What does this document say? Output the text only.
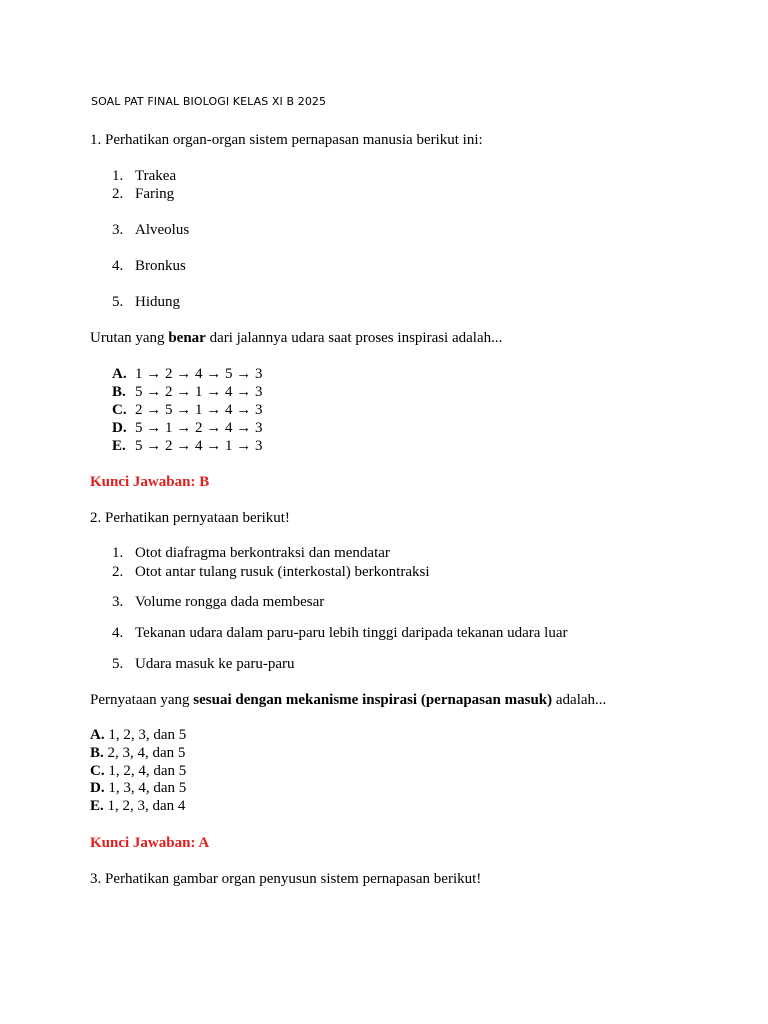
SOAL PAT FINAL BIOLOGI KELAS XI B 2025
1. Perhatikan organ-organ sistem pernapasan manusia berikut ini:
1. Trakea
2. Faring
3. Alveolus
4. Bronkus
5. Hidung
Urutan yang benar dari jalannya udara saat proses inspirasi adalah...
A. 1 → 2 → 4 → 5 → 3
B. 5 → 2 → 1 → 4 → 3
C. 2 → 5 → 1 → 4 → 3
D. 5 → 1 → 2 → 4 → 3
E. 5 → 2 → 4 → 1 → 3
Kunci Jawaban: B
2. Perhatikan pernyataan berikut!
1. Otot diafragma berkontraksi dan mendatar
2. Otot antar tulang rusuk (interkostal) berkontraksi
3. Volume rongga dada membesar
4. Tekanan udara dalam paru-paru lebih tinggi daripada tekanan udara luar
5. Udara masuk ke paru-paru
Pernyataan yang sesuai dengan mekanisme inspirasi (pernapasan masuk) adalah...
A. 1, 2, 3, dan 5
B. 2, 3, 4, dan 5
C. 1, 2, 4, dan 5
D. 1, 3, 4, dan 5
E. 1, 2, 3, dan 4
Kunci Jawaban: A
3. Perhatikan gambar organ penyusun sistem pernapasan berikut!
